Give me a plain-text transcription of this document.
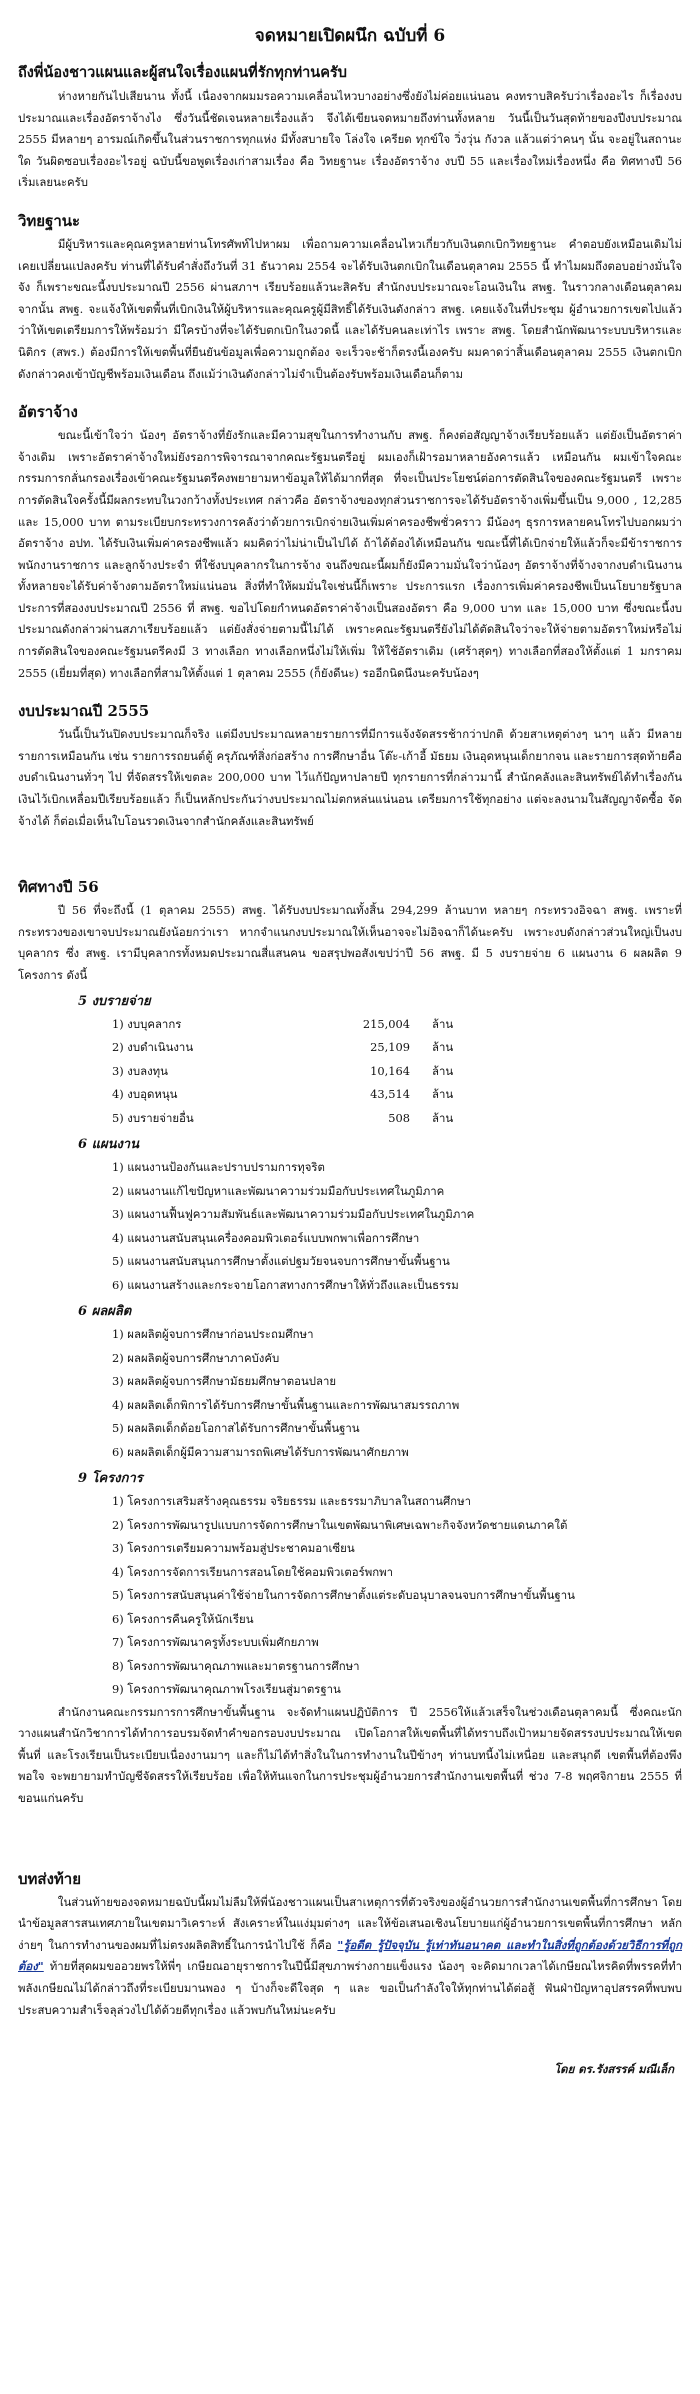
จดหมายเปิดผนึก ฉบับที่ 6
ถึงพี่น้องชาวแผนและผู้สนใจเรื่องแผนที่รักทุกท่านครับ

ห่างหายกันไปเสียนาน ทั้งนี้ เนื่องจากผมมรอความเคลื่อนไหวบางอย่างซึ่งยังไม่ค่อยแน่นอน คงทราบสิครับว่าเรื่องอะไร ก็เรื่องงบประมาณและเรื่องอัตราจ้างไง ซึ่งวันนี้ชัดเจนหลายเรื่องแล้ว จึงได้เขียนจดหมายถึงท่านทั้งหลาย วันนี้เป็นวันสุดท้ายของปีงบประมาณ 2555 มีหลายๆ อารมณ์เกิดขึ้นในส่วนราชการทุกแห่ง มีทั้งสบายใจ โล่งใจ เครียด ทุกข์ใจ วิ่งวุ่น กังวล แล้วแต่ว่าคนๆ นั้น จะอยู่ในสถานะใด วันผิดซอบเรื่องอะไรอยู่ ฉบับนี้ขอพูดเรื่องเก่าสามเรื่อง คือ วิทยฐานะ เรื่องอัตราจ้าง งบปี 55 และเรื่องใหม่เรื่องหนึ่ง คือ ทิศทางปี 56 เริ่มเลยนะครับ

วิทยฐานะ

มีผู้บริหารและคุณครูหลายท่านโทรศัพท์ไปหาผม เพื่อถามความเคลื่อนไหวเกี่ยวกับเงินตกเบิกวิทยฐานะ คำตอบยังเหมือนเดิมไม่เคยเปลี่ยนแปลงครับ ท่านที่ได้รับคำสั่งถึงวันที่ 31 ธันวาคม 2554 จะได้รับเงินตกเบิกในเดือนตุลาคม 2555 นี้ ทำไมผมถึงตอบอย่างมั่นใจจัง ก็เพราะขณะนี้งบประมาณปี 2556 ผ่านสภาฯ เรียบร้อยแล้วนะสิครับ สำนักงบประมาณจะโอนเงินใน สพฐ. ในราวกลางเดือนตุลาคม จากนั้น สพฐ. จะแจ้งให้เขตพื้นที่เบิกเงินให้ผู้บริหารและคุณครูผู้มีสิทธิ์ได้รับเงินดังกล่าว สพฐ. เคยแจ้งในที่ประชุม ผู้อำนวยการเขตไปแล้ว ว่าให้เขตเตรียมการให้พร้อมว่า มีใครบ้างที่จะได้รับตกเบิกในงวดนี้ และได้รับคนละเท่าไร เพราะ สพฐ. โดยสำนักพัฒนาระบบบริหารและนิติกร (สพร.) ต้องมีการให้เขตพื้นที่ยืนยันข้อมูลเพื่อความถูกต้อง จะเร็วจะช้าก็ตรงนี้เองครับ ผมคาดว่าสิ้นเดือนตุลาคม 2555 เงินตกเบิกดังกล่าวคงเข้าบัญชีพร้อมเงินเดือน ถึงแม้ว่าเงินดังกล่าวไม่จำเป็นต้องรับพร้อมเงินเดือนก็ตาม

อัตราจ้าง

ขณะนี้เข้าใจว่า น้องๆ อัตราจ้างที่ยังรักและมีความสุขในการทำงานกับ สพฐ. ก็คงต่อสัญญาจ้างเรียบร้อยแล้ว แต่ยังเป็นอัตราค่าจ้างเดิม เพราะอัตราค่าจ้างใหม่ยังรอการพิจารณาจากคณะรัฐมนตรีอยู่ ผมเองก็เฝ้ารอมาหลายอังคารแล้ว เหมือนกัน ผมเข้าใจคณะกรรมการกลั่นกรองเรื่องเข้าคณะรัฐมนตรีคงพยายามหาข้อมูลให้ได้มากที่สุด ที่จะเป็นประโยชน์ต่อการตัดสินใจของคณะรัฐมนตรี เพราะการตัดสินใจครั้งนี้มีผลกระทบในวงกว้างทั้งประเทศ กล่าวคือ อัตราจ้างของทุกส่วนราชการจะได้รับอัตราจ้างเพิ่มขึ้นเป็น 9,000 , 12,285 และ 15,000 บาท ตามระเบียบกระทรวงการคลังว่าด้วยการเบิกจ่ายเงินเพิ่มค่าครองชีพชั่วคราว มีน้องๆ ธุรการหลายคนโทรไปบอกผมว่า อัตราจ้าง อปท. ได้รับเงินเพิ่มค่าครองชีพแล้ว ผมคิดว่าไม่น่าเป็นไปได้ ถ้าได้ต้องได้เหมือนกัน ขณะนี้ที่ได้เบิกจ่ายให้แล้วก็จะมีข้าราชการ พนักงานราชการ และลูกจ้างประจำ ที่ใช้งบบุคลากรในการจ้าง จนถึงขณะนี้ผมก็ยังมีความมั่นใจว่าน้องๆ อัตราจ้างที่จ้างจากงบดำเนินงานทั้งหลายจะได้รับค่าจ้างตามอัตราใหม่แน่นอน สิ่งที่ทำให้ผมมั่นใจเช่นนี้ก็เพราะ ประการแรก เรื่องการเพิ่มค่าครองชีพเป็นนโยบายรัฐบาล ประการที่สองงบประมาณปี 2556 ที่ สพฐ. ขอไปโดยกำหนดอัตราค่าจ้างเป็นสองอัตรา คือ 9,000 บาท และ 15,000 บาท ซึ่งขณะนี้งบประมาณดังกล่าวผ่านสภาเรียบร้อยแล้ว แต่ยังสั่งจ่ายตามนี้ไม่ได้ เพราะคณะรัฐมนตรียังไม่ได้ตัดสินใจว่าจะให้จ่ายตามอัตราใหม่หรือไม่ การตัดสินใจของคณะรัฐมนตรีคงมี 3 ทางเลือก ทางเลือกหนึ่งไม่ให้เพิ่ม ให้ใช้อัตราเดิม (เศร้าสุดๆ) ทางเลือกที่สองให้ตั้งแต่ 1 มกราคม 2555 (เยี่ยมที่สุด) ทางเลือกที่สามให้ตั้งแต่ 1 ตุลาคม 2555 (ก็ยังดีนะ) รออีกนิดนึงนะครับน้องๆ

งบประมาณปี 2555

วันนี้เป็นวันปิดงบประมาณก็จริง แต่มีงบประมาณหลายรายการที่มีการแจ้งจัดสรรช้ากว่าปกติ ด้วยสาเหตุต่างๆ นาๆ แล้ว มีหลายรายการเหมือนกัน เช่น รายการรถยนต์ตู้ ครุภัณฑ์สิ่งก่อสร้าง การศึกษาอื่น โต๊ะ-เก้าอี้ มัธยม เงินอุดหนุนเด็กยากจน และรายการสุดท้ายคือ งบดำเนินงานทั่วๆ ไป ที่จัดสรรให้เขตละ 200,000 บาท ไว้แก้ปัญหาปลายปี ทุกรายการที่กล่าวมานี้ สำนักคลังและสินทรัพย์ได้ทำเรื่องกันเงินไว้เบิกเหลื่อมปีเรียบร้อยแล้ว ก็เป็นหลักประกันว่างบประมาณไม่ตกหล่นแน่นอน เตรียมการใช้ทุกอย่าง แต่จะลงนามในสัญญาจัดซื้อ จัดจ้างได้ ก็ต่อเมื่อเห็นใบโอนรวดเงินจากสำนักคลังและสินทรัพย์

ทิศทางปี 56

ปี 56 ที่จะถึงนี้ (1 ตุลาคม 2555) สพฐ. ได้รับงบประมาณทั้งสิ้น 294,299 ล้านบาท หลายๆ กระทรวงอิจฉา สพฐ. เพราะที่กระทรวงของเขาจบประมาณยังน้อยกว่าเรา หากจำแนกงบประมาณให้เห็นอาจจะไม่อิจฉาก็ได้นะครับ เพราะงบดังกล่าวส่วนใหญ่เป็นงบบุคลากร ซึ่ง สพฐ. เรามีบุคลากรทั้งหมดประมาณสี่แสนคน ขอสรุปพอสังเขปว่าปี 56 สพฐ. มี 5 งบรายจ่าย 6 แผนงาน 6 ผลผลิต 9 โครงการ ดังนี้

5 งบรายจ่าย
1) งบบุคลากร	215,004 ล้าน
2) งบดำเนินงาน	25,109 ล้าน
3) งบลงทุน	10,164 ล้าน
4) งบอุดหนุน	43,514 ล้าน
5) งบรายจ่ายอื่น	508 ล้าน
6 แผนงาน
1) แผนงานป้องกันและปราบปรามการทุจริต
2) แผนงานแก้ไขปัญหาและพัฒนาความร่วมมือกับประเทศในภูมิภาค
3) แผนงานฟื้นฟูความสัมพันธ์และพัฒนาความร่วมมือกับประเทศในภูมิภาค
4) แผนงานสนับสนุนเครื่องคอมพิวเตอร์แบบพกพาเพื่อการศึกษา
5) แผนงานสนับสนุนการศึกษาตั้งแต่ปฐมวัยจนจบการศึกษาขั้นพื้นฐาน
6) แผนงานสร้างและกระจายโอกาสทางการศึกษาให้ทั่วถึงและเป็นธรรม
6 ผลผลิต
1) ผลผลิตผู้จบการศึกษาก่อนประถมศึกษา
2) ผลผลิตผู้จบการศึกษาภาคบังคับ
3) ผลผลิตผู้จบการศึกษามัธยมศึกษาตอนปลาย
4) ผลผลิตเด็กพิการได้รับการศึกษาขั้นพื้นฐานและการพัฒนาสมรรถภาพ
5) ผลผลิตเด็กด้อยโอกาสได้รับการศึกษาขั้นพื้นฐาน
6) ผลผลิตเด็กผู้มีความสามารถพิเศษได้รับการพัฒนาศักยภาพ
9 โครงการ
1) โครงการเสริมสร้างคุณธรรม จริยธรรม และธรรมาภิบาลในสถานศึกษา
2) โครงการพัฒนารูปแบบการจัดการศึกษาในเขตพัฒนาพิเศษเฉพาะกิจจังหวัดชายแดนภาคใต้
3) โครงการเตรียมความพร้อมสู่ประชาคมอาเซียน
4) โครงการจัดการเรียนการสอนโดยใช้คอมพิวเตอร์พกพา
5) โครงการสนับสนุนค่าใช้จ่ายในการจัดการศึกษาตั้งแต่ระดับอนุบาลจนจบการศึกษาขั้นพื้นฐาน
6) โครงการคืนครูให้นักเรียน
7) โครงการพัฒนาครูทั้งระบบเพิ่มศักยภาพ
8) โครงการพัฒนาคุณภาพและมาตรฐานการศึกษา
9) โครงการพัฒนาคุณภาพโรงเรียนสู่มาตรฐาน

สำนักงานคณะกรรมการการศึกษาขั้นพื้นฐาน จะจัดทำแผนปฏิบัติการ ปี 2556ให้แล้วเสร็จในช่วงเดือนตุลาคมนี้ ซึ่งคณะนักวางแผนสำนักวิชาการได้ทำการอบรมจัดทำคำขอกรอบงบประมาณ เปิดโอกาสให้เขตพื้นที่ได้ทราบถึงเป้าหมายจัดสรรงบประมาณให้เขตพื้นที่ และโรงเรียนเป็นระเบียบเนื่องงานมาๆ และก็ไม่ได้ทำสิ่งในในการทำงานในปีข้างๆ ท่านบทนี้งไม่เหนื่อย และสนุกดี เขตพื้นที่ต้องพึงพอใจ จะพยายามทำบัญชีจัดสรรให้เรียบร้อย เพื่อให้ทันแจกในการประชุมผู้อำนวยการสำนักงานเขตพื้นที่ ช่วง 7-8 พฤศจิกายน 2555 ที่ขอนแก่นครับ

บทส่งท้าย

ในส่วนท้ายของจดหมายฉบับนี้ผมไม่ลืมให้พี่น้องชาวแผนเป็นสาเหตุการที่ตัวจริงของผู้อำนวยการสำนักงานเขตพื้นที่การศึกษา โดยนำข้อมูลสารสนเทศภายในเขตมาวิเคราะห์ สังเคราะห์ในแง่มุมต่างๆ และให้ข้อเสนอเชิงนโยบายแก่ผู้อำนวยการเขตพื้นที่การศึกษา หลักง่ายๆ ในการทำงานของผมที่ไม่ตรงผลิตสิทธิ์ในการนำไปใช้ ก็คือ "รู้อดีต รู้ปัจจุบัน รู้เท่าทันอนาคต และทำในสิ่งที่ถูกต้องด้วยวิธีการที่ถูกต้อง" ท้ายที่สุดผมขออวยพรให้พี่ๆ เกษียณอายุราชการในปีนี้มีสุขภาพร่างกายแข็งแรง น้องๆ จะคิดมากเวลาได้เกษียณไหรคิดที่พรรคที่ทำ พลังเกษียณไม่ได้กล่าวถึงที่ระเบียบมานพอง ๆ บ้างก็จะดีใจสุด ๆ และ ขอเป็นกำลังใจให้ทุกท่านได้ต่อสู้ ฟันฝ่าปัญหาอุปสรรคที่พบพบ ประสบความสำเร็จลุล่วงไปได้ด้วยดีทุกเรื่อง แล้วพบกันใหม่นะครับ

โดย ดร.รังสรรค์ มณีเล็ก
